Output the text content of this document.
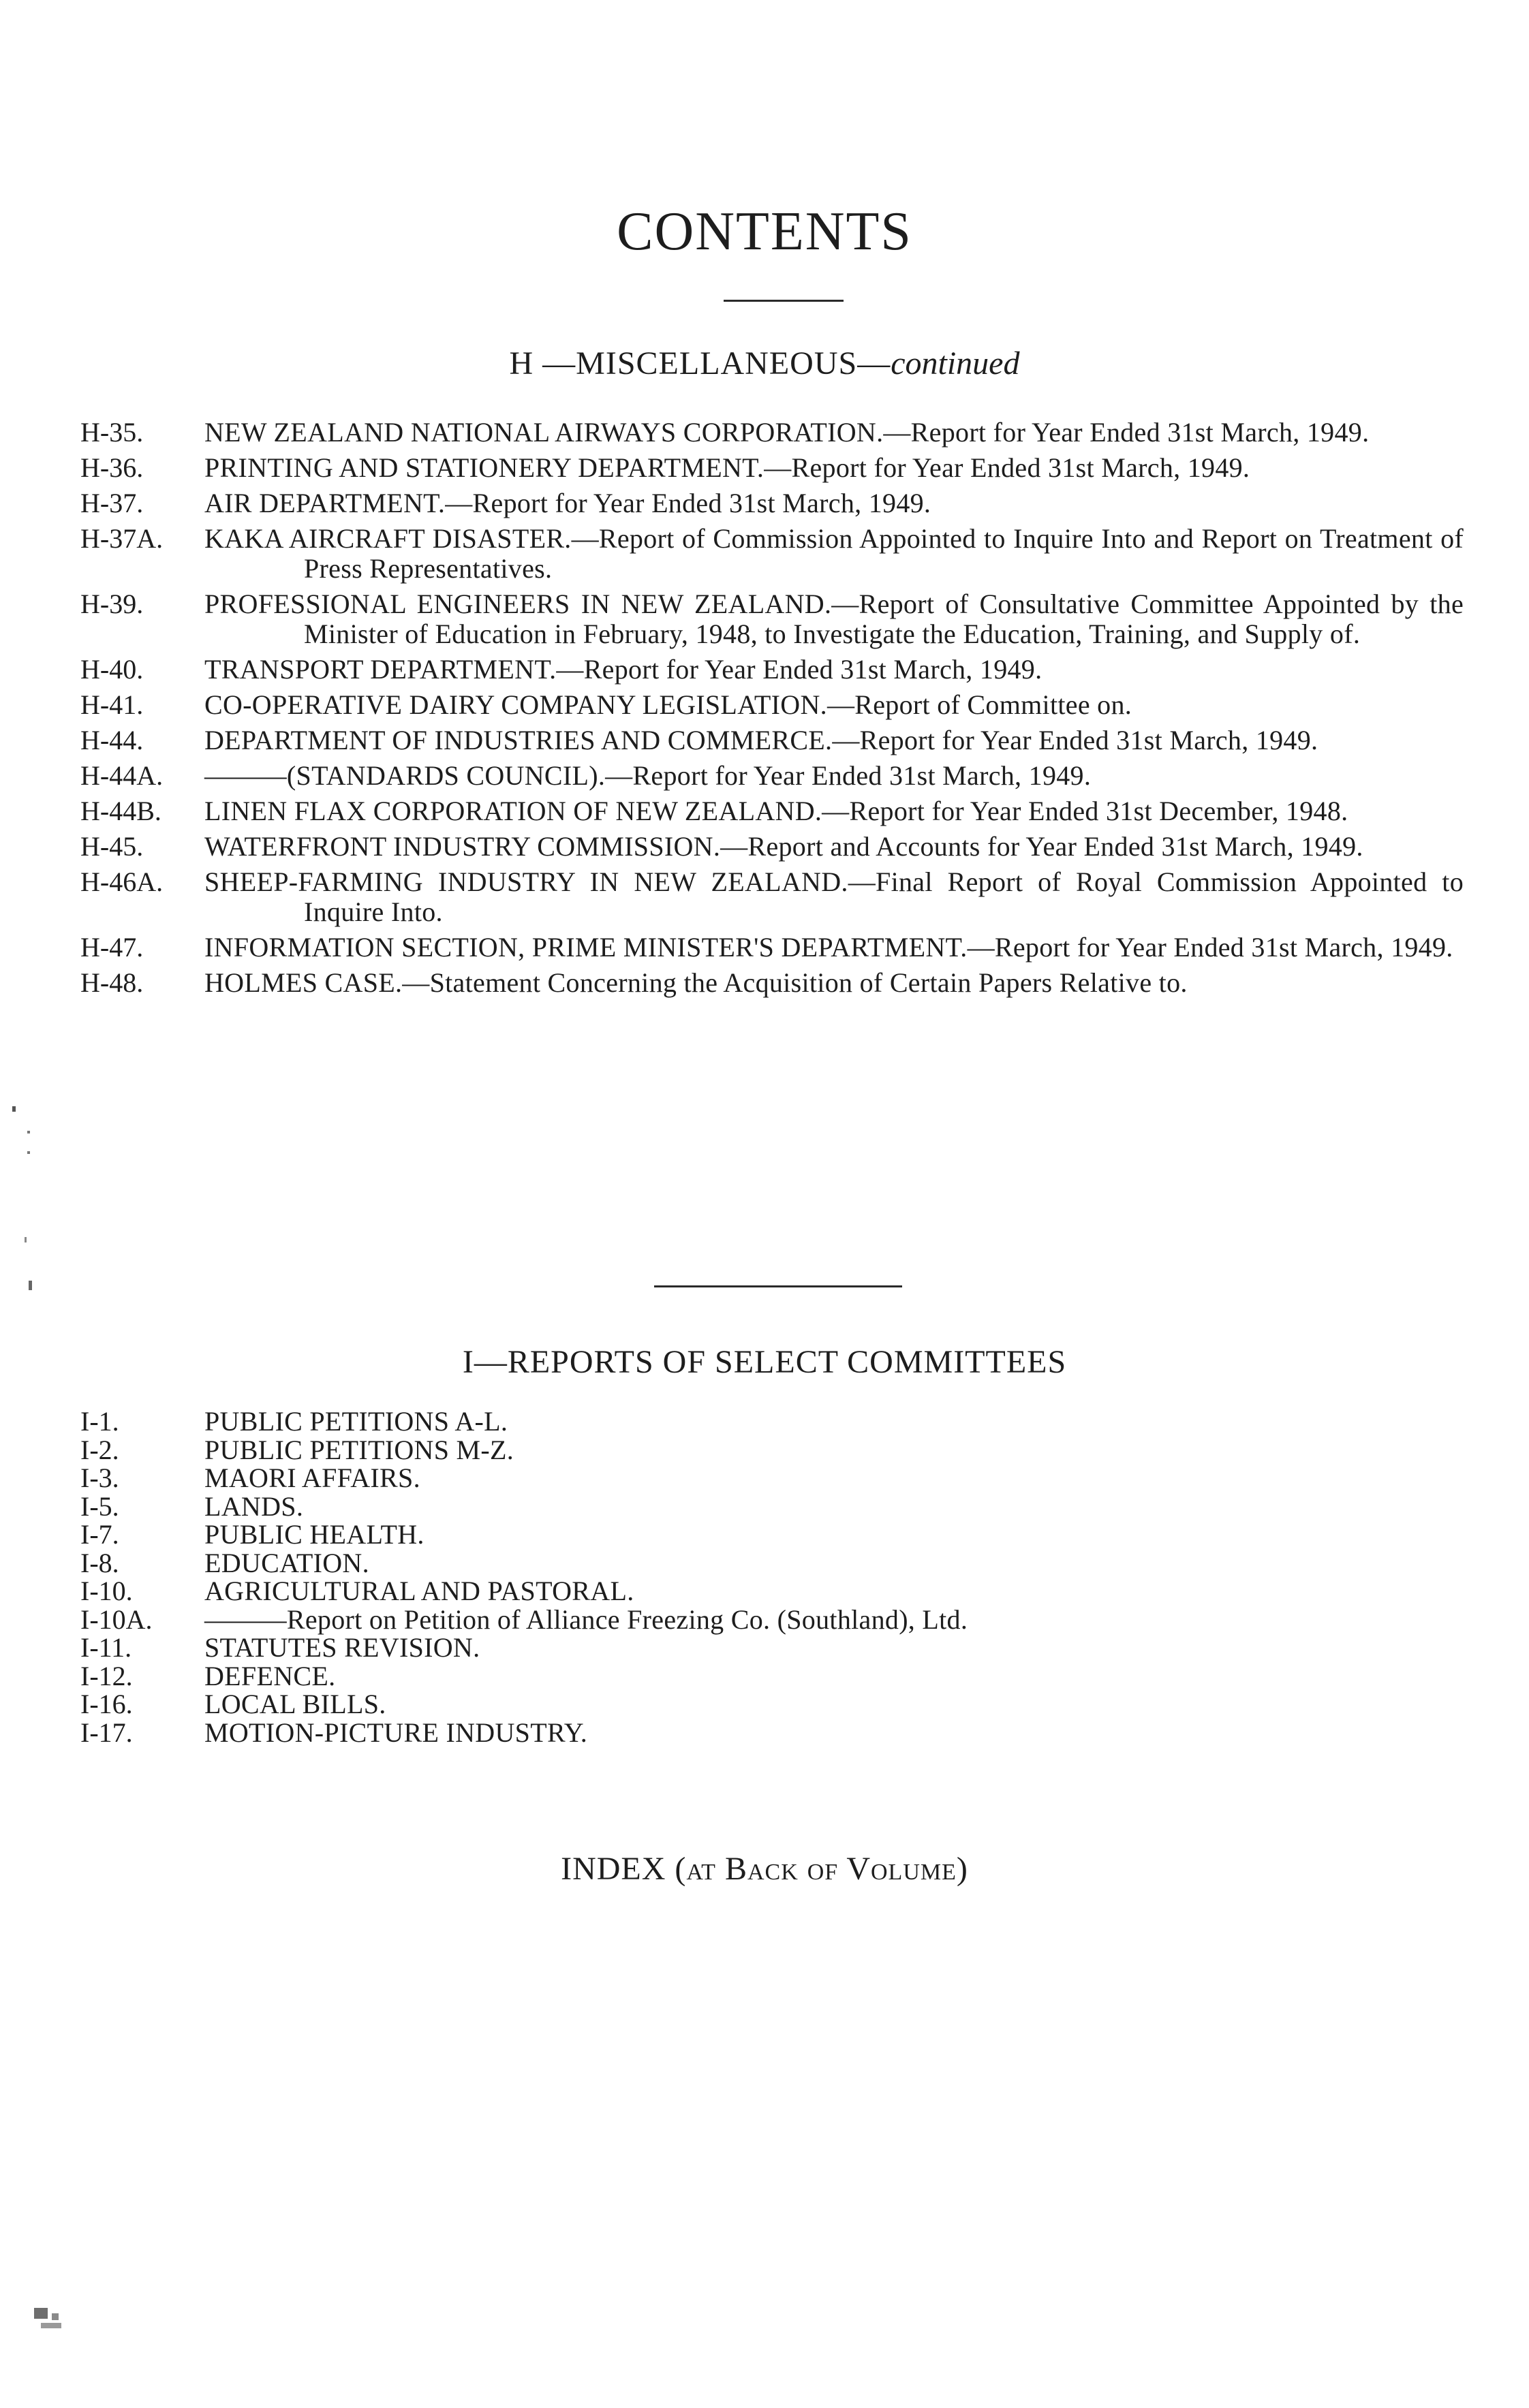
CONTENTS
H —MISCELLANEOUS—continued
H-35.	NEW ZEALAND NATIONAL AIRWAYS CORPORATION.—Report for Year Ended 31st March, 1949.
H-36.	PRINTING AND STATIONERY DEPARTMENT.—Report for Year Ended 31st March, 1949.
H-37.	AIR DEPARTMENT.—Report for Year Ended 31st March, 1949.
H-37A.	KAKA AIRCRAFT DISASTER.—Report of Commission Appointed to Inquire Into and Report on Treatment of Press Representatives.
H-39.	PROFESSIONAL ENGINEERS IN NEW ZEALAND.—Report of Consultative Committee Appointed by the Minister of Education in February, 1948, to Investigate the Education, Training, and Supply of.
H-40.	TRANSPORT DEPARTMENT.—Report for Year Ended 31st March, 1949.
H-41.	CO-OPERATIVE DAIRY COMPANY LEGISLATION.—Report of Committee on.
H-44.	DEPARTMENT OF INDUSTRIES AND COMMERCE.—Report for Year Ended 31st March, 1949.
H-44A.	———(STANDARDS COUNCIL).—Report for Year Ended 31st March, 1949.
H-44B.	LINEN FLAX CORPORATION OF NEW ZEALAND.—Report for Year Ended 31st December, 1948.
H-45.	WATERFRONT INDUSTRY COMMISSION.—Report and Accounts for Year Ended 31st March, 1949.
H-46A.	SHEEP-FARMING INDUSTRY IN NEW ZEALAND.—Final Report of Royal Commission Appointed to Inquire Into.
H-47.	INFORMATION SECTION, PRIME MINISTER'S DEPARTMENT.—Report for Year Ended 31st March, 1949.
H-48.	HOLMES CASE.—Statement Concerning the Acquisition of Certain Papers Relative to.
I—REPORTS OF SELECT COMMITTEES
I-1.	PUBLIC PETITIONS A-L.
I-2.	PUBLIC PETITIONS M-Z.
I-3.	MAORI AFFAIRS.
I-5.	LANDS.
I-7.	PUBLIC HEALTH.
I-8.	EDUCATION.
I-10.	AGRICULTURAL AND PASTORAL.
I-10A.	———Report on Petition of Alliance Freezing Co. (Southland), Ltd.
I-11.	STATUTES REVISION.
I-12.	DEFENCE.
I-16.	LOCAL BILLS.
I-17.	MOTION-PICTURE INDUSTRY.
INDEX (at Back of Volume)
